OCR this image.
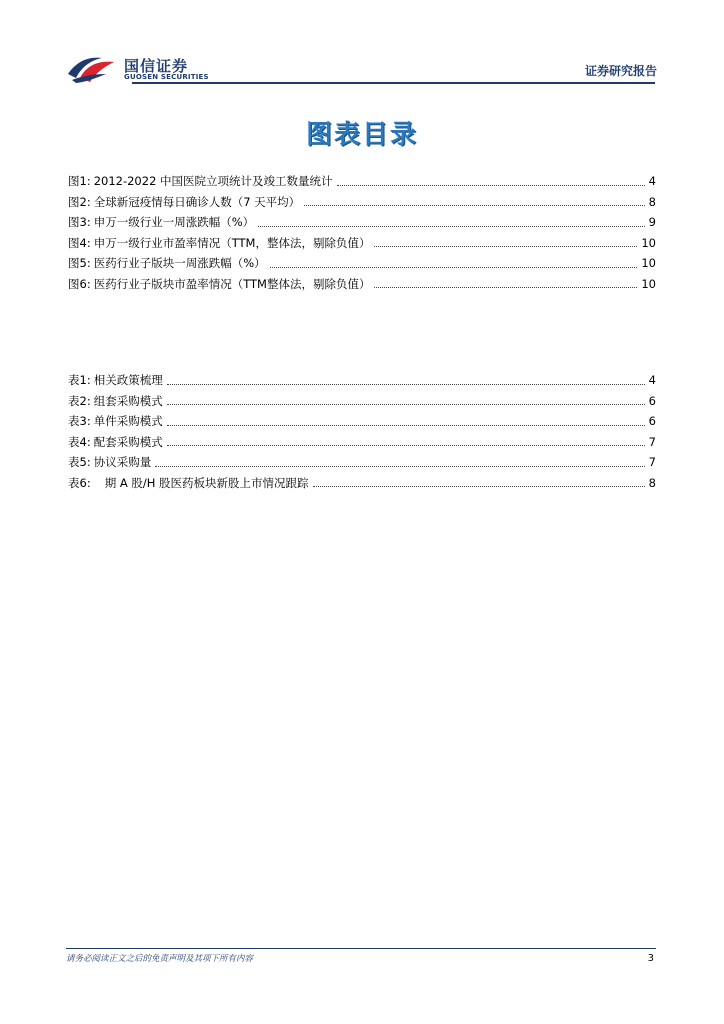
国信证券
GUOSEN SECURITIES	证券研究报告
图表目录
图1: 2012-2022 中国医院立项统计及竣工数量统计	4
图2: 全球新冠疫情每日确诊人数（7 天平均）	8
图3: 申万一级行业一周涨跌幅（%）	9
图4: 申万一级行业市盈率情况（TTM，整体法，剔除负值）	10
图5: 医药行业子版块一周涨跌幅（%）	10
图6: 医药行业子版块市盈率情况（TTM整体法，剔除负值）	10
表1: 相关政策梳理	4
表2: 组套采购模式	6
表3: 单件采购模式	6
表4: 配套采购模式	7
表5: 协议采购量	7
表6: 期 A 股/H 股医药板块新股上市情况跟踪	8
请务必阅读正文之后的免责声明及其项下所有内容	3
